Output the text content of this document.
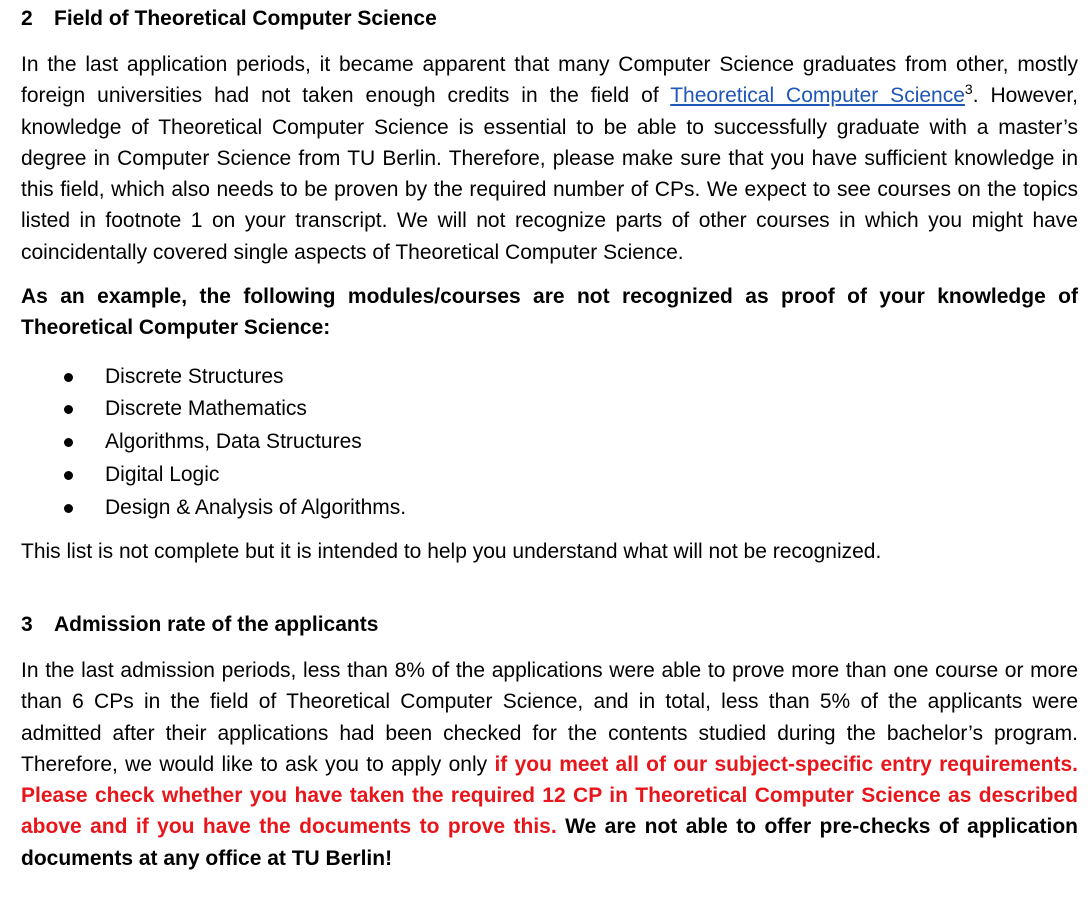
2	Field of Theoretical Computer Science

In the last application periods, it became apparent that many Computer Science graduates from other, mostly foreign universities had not taken enough credits in the field of Theoretical Computer Science$^3$. However, knowledge of Theoretical Computer Science is essential to be able to successfully graduate with a master’s degree in Computer Science from TU Berlin. Therefore, please make sure that you have sufficient knowledge in this field, which also needs to be proven by the required number of CPs. We expect to see courses on the topics listed in footnote 1 on your transcript. We will not recognize parts of other courses in which you might have coincidentally covered single aspects of Theoretical Computer Science.

As an example, the following modules/courses are not recognized as proof of your knowledge of Theoretical Computer Science:

Discrete Structures
Discrete Mathematics
Algorithms, Data Structures
Digital Logic
Design & Analysis of Algorithms.

This list is not complete but it is intended to help you understand what will not be recognized.

3	Admission rate of the applicants

In the last admission periods, less than 8% of the applications were able to prove more than one course or more than 6 CPs in the field of Theoretical Computer Science, and in total, less than 5% of the applicants were admitted after their applications had been checked for the contents studied during the bachelor’s program. Therefore, we would like to ask you to apply only if you meet all of our subject-specific entry requirements. Please check whether you have taken the required 12 CP in Theoretical Computer Science as described above and if you have the documents to prove this. We are not able to offer pre-checks of application documents at any office at TU Berlin!
